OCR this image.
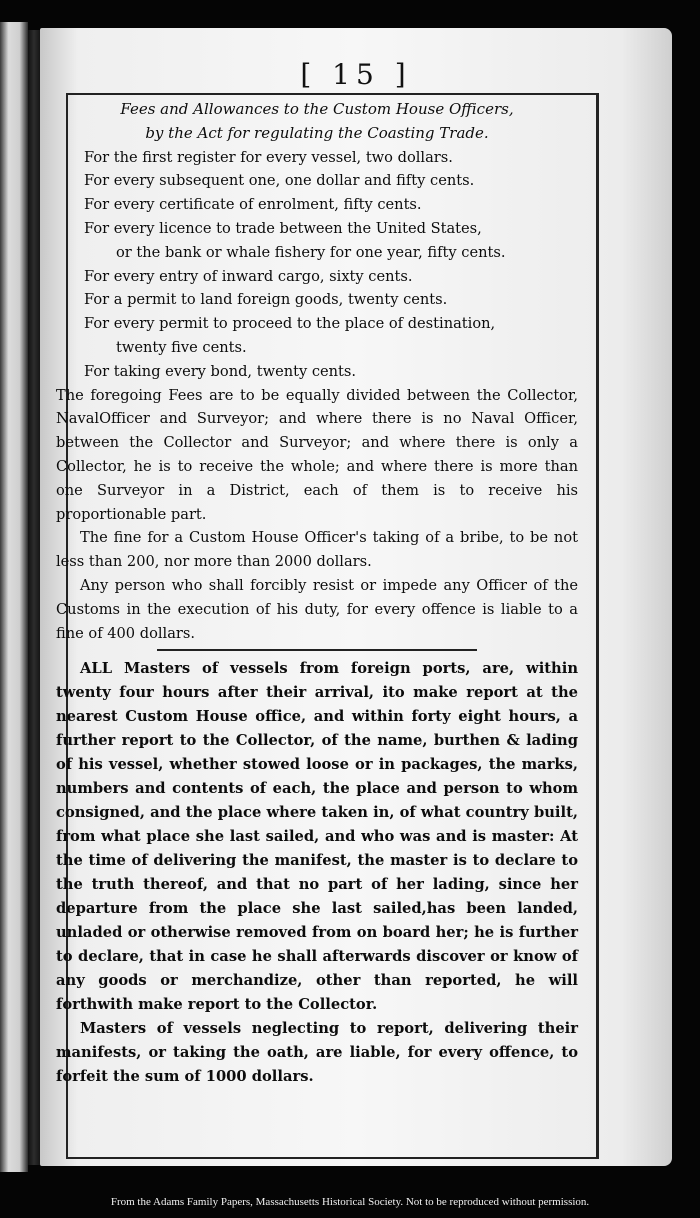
[ 15 ]

Fees and Allowances to the Custom House Officers,

by the Act for regulating the Coasting Trade.

For the first register for every vessel, two dollars.

For every subsequent one, one dollar and fifty cents.

For every certificate of enrolment, fifty cents.

For every licence to trade between the United States,

or the bank or whale fishery for one year, fifty cents.

For every entry of inward cargo, sixty cents.

For a permit to land foreign goods, twenty cents.

For every permit to proceed to the place of destination,

twenty five cents.

For taking every bond, twenty cents.

The foregoing Fees are to be equally divided between the Collector, NavalOfficer and Surveyor; and where there is no Naval Officer, between the Collector and Surveyor; and where there is only a Collector, he is to receive the whole; and where there is more than one Surveyor in a District, each of them is to receive his proportionable part.

The fine for a Custom House Officer's taking of a bribe, to be not less than 200, nor more than 2000 dollars.

Any person who shall forcibly resist or impede any Officer of the Customs in the execution of his duty, for every offence is liable to a fine of 400 dollars.

ALL Masters of vessels from foreign ports, are, within twenty four hours after their arrival, ito make report at the nearest Custom House office, and within forty eight hours, a further report to the Collector, of the name, burthen & lading of his vessel, whether stowed loose or in packages, the marks, numbers and contents of each, the place and person to whom consigned, and the place where taken in, of what country built, from what place she last sailed, and who was and is master: At the time of delivering the manifest, the master is to declare to the truth thereof, and that no part of her lading, since her departure from the place she last sailed,has been landed, unladed or otherwise removed from on board her; he is further to declare, that in case he shall afterwards discover or know of any goods or merchandize, other than reported, he will forthwith make report to the Collector.

Masters of vessels neglecting to report, delivering their manifests, or taking the oath, are liable, for every offence, to forfeit the sum of 1000 dollars.

From the Adams Family Papers, Massachusetts Historical Society. Not to be reproduced without permission.
